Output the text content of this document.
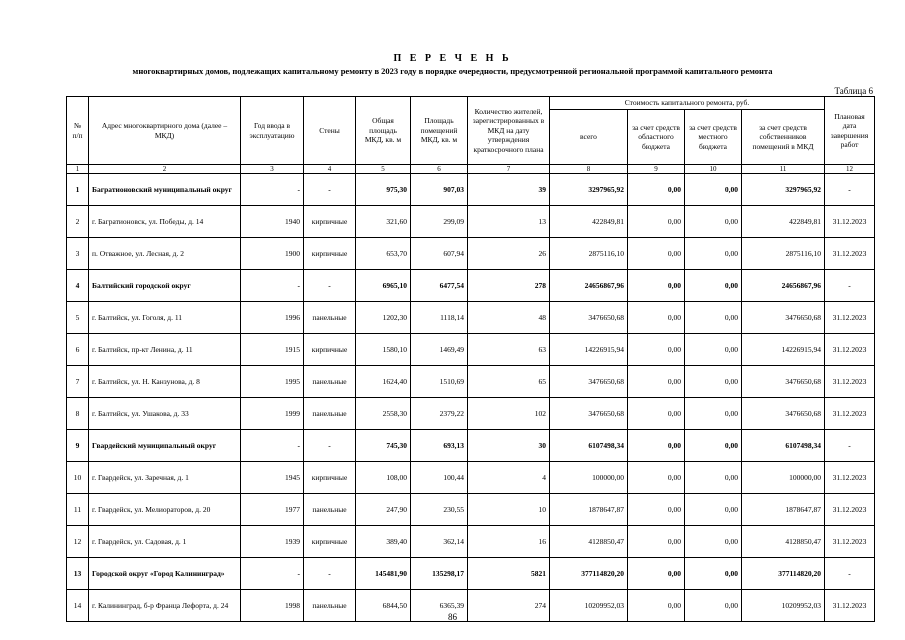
П Е Р Е Ч Е Н Ь
многоквартирных домов, подлежащих капитальному ремонту в 2023 году в порядке очередности, предусмотренной региональной программой капитального ремонта
Таблица 6
№ п/п	Адрес многоквартирного дома (далее – МКД)	Год ввода в эксплуатацию	Стены	Общая площадь МКД, кв. м	Площадь помещений МКД, кв. м	Количество жителей, зарегистрированных в МКД на дату утверждения краткосрочного плана	Стоимость капитального ремонта, руб.				Плановая дата завершения работ
							всего	за счет средств областного бюджета	за счет средств местного бюджета	за счет средств собственников помещений в МКД	
1	2	3	4	5	6	7	8	9	10	11	12
1	Багратионовский муниципальный округ	-	-	975,30	907,03	39	3297965,92	0,00	0,00	3297965,92	-
2	г. Багратионовск, ул. Победы, д. 14	1940	кирпичные	321,60	299,09	13	422849,81	0,00	0,00	422849,81	31.12.2023
3	п. Отважное, ул. Лесная, д. 2	1900	кирпичные	653,70	607,94	26	2875116,10	0,00	0,00	2875116,10	31.12.2023
4	Балтийский городской округ	-	-	6965,10	6477,54	278	24656867,96	0,00	0,00	24656867,96	-
5	г. Балтийск, ул. Гоголя, д. 11	1996	панельные	1202,30	1118,14	48	3476650,68	0,00	0,00	3476650,68	31.12.2023
6	г. Балтийск, пр-кт Ленина, д. 11	1915	кирпичные	1580,10	1469,49	63	14226915,94	0,00	0,00	14226915,94	31.12.2023
7	г. Балтийск, ул. Н. Канзунова, д. 8	1995	панельные	1624,40	1510,69	65	3476650,68	0,00	0,00	3476650,68	31.12.2023
8	г. Балтийск, ул. Ушакова, д. 33	1999	панельные	2558,30	2379,22	102	3476650,68	0,00	0,00	3476650,68	31.12.2023
9	Гвардейский муниципальный округ	-	-	745,30	693,13	30	6107498,34	0,00	0,00	6107498,34	-
10	г. Гвардейск, ул. Заречная, д. 1	1945	кирпичные	108,00	100,44	4	100000,00	0,00	0,00	100000,00	31.12.2023
11	г. Гвардейск, ул. Мелиораторов, д. 20	1977	панельные	247,90	230,55	10	1878647,87	0,00	0,00	1878647,87	31.12.2023
12	г. Гвардейск, ул. Садовая, д. 1	1939	кирпичные	389,40	362,14	16	4128850,47	0,00	0,00	4128850,47	31.12.2023
13	Городской округ «Город Калининград»	-	-	145481,90	135298,17	5821	377114820,20	0,00	0,00	377114820,20	-
14	г. Калининград, б-р Франца Лефорта, д. 24	1998	панельные	6844,50	6365,39	274	10209952,03	0,00	0,00	10209952,03	31.12.2023
86
